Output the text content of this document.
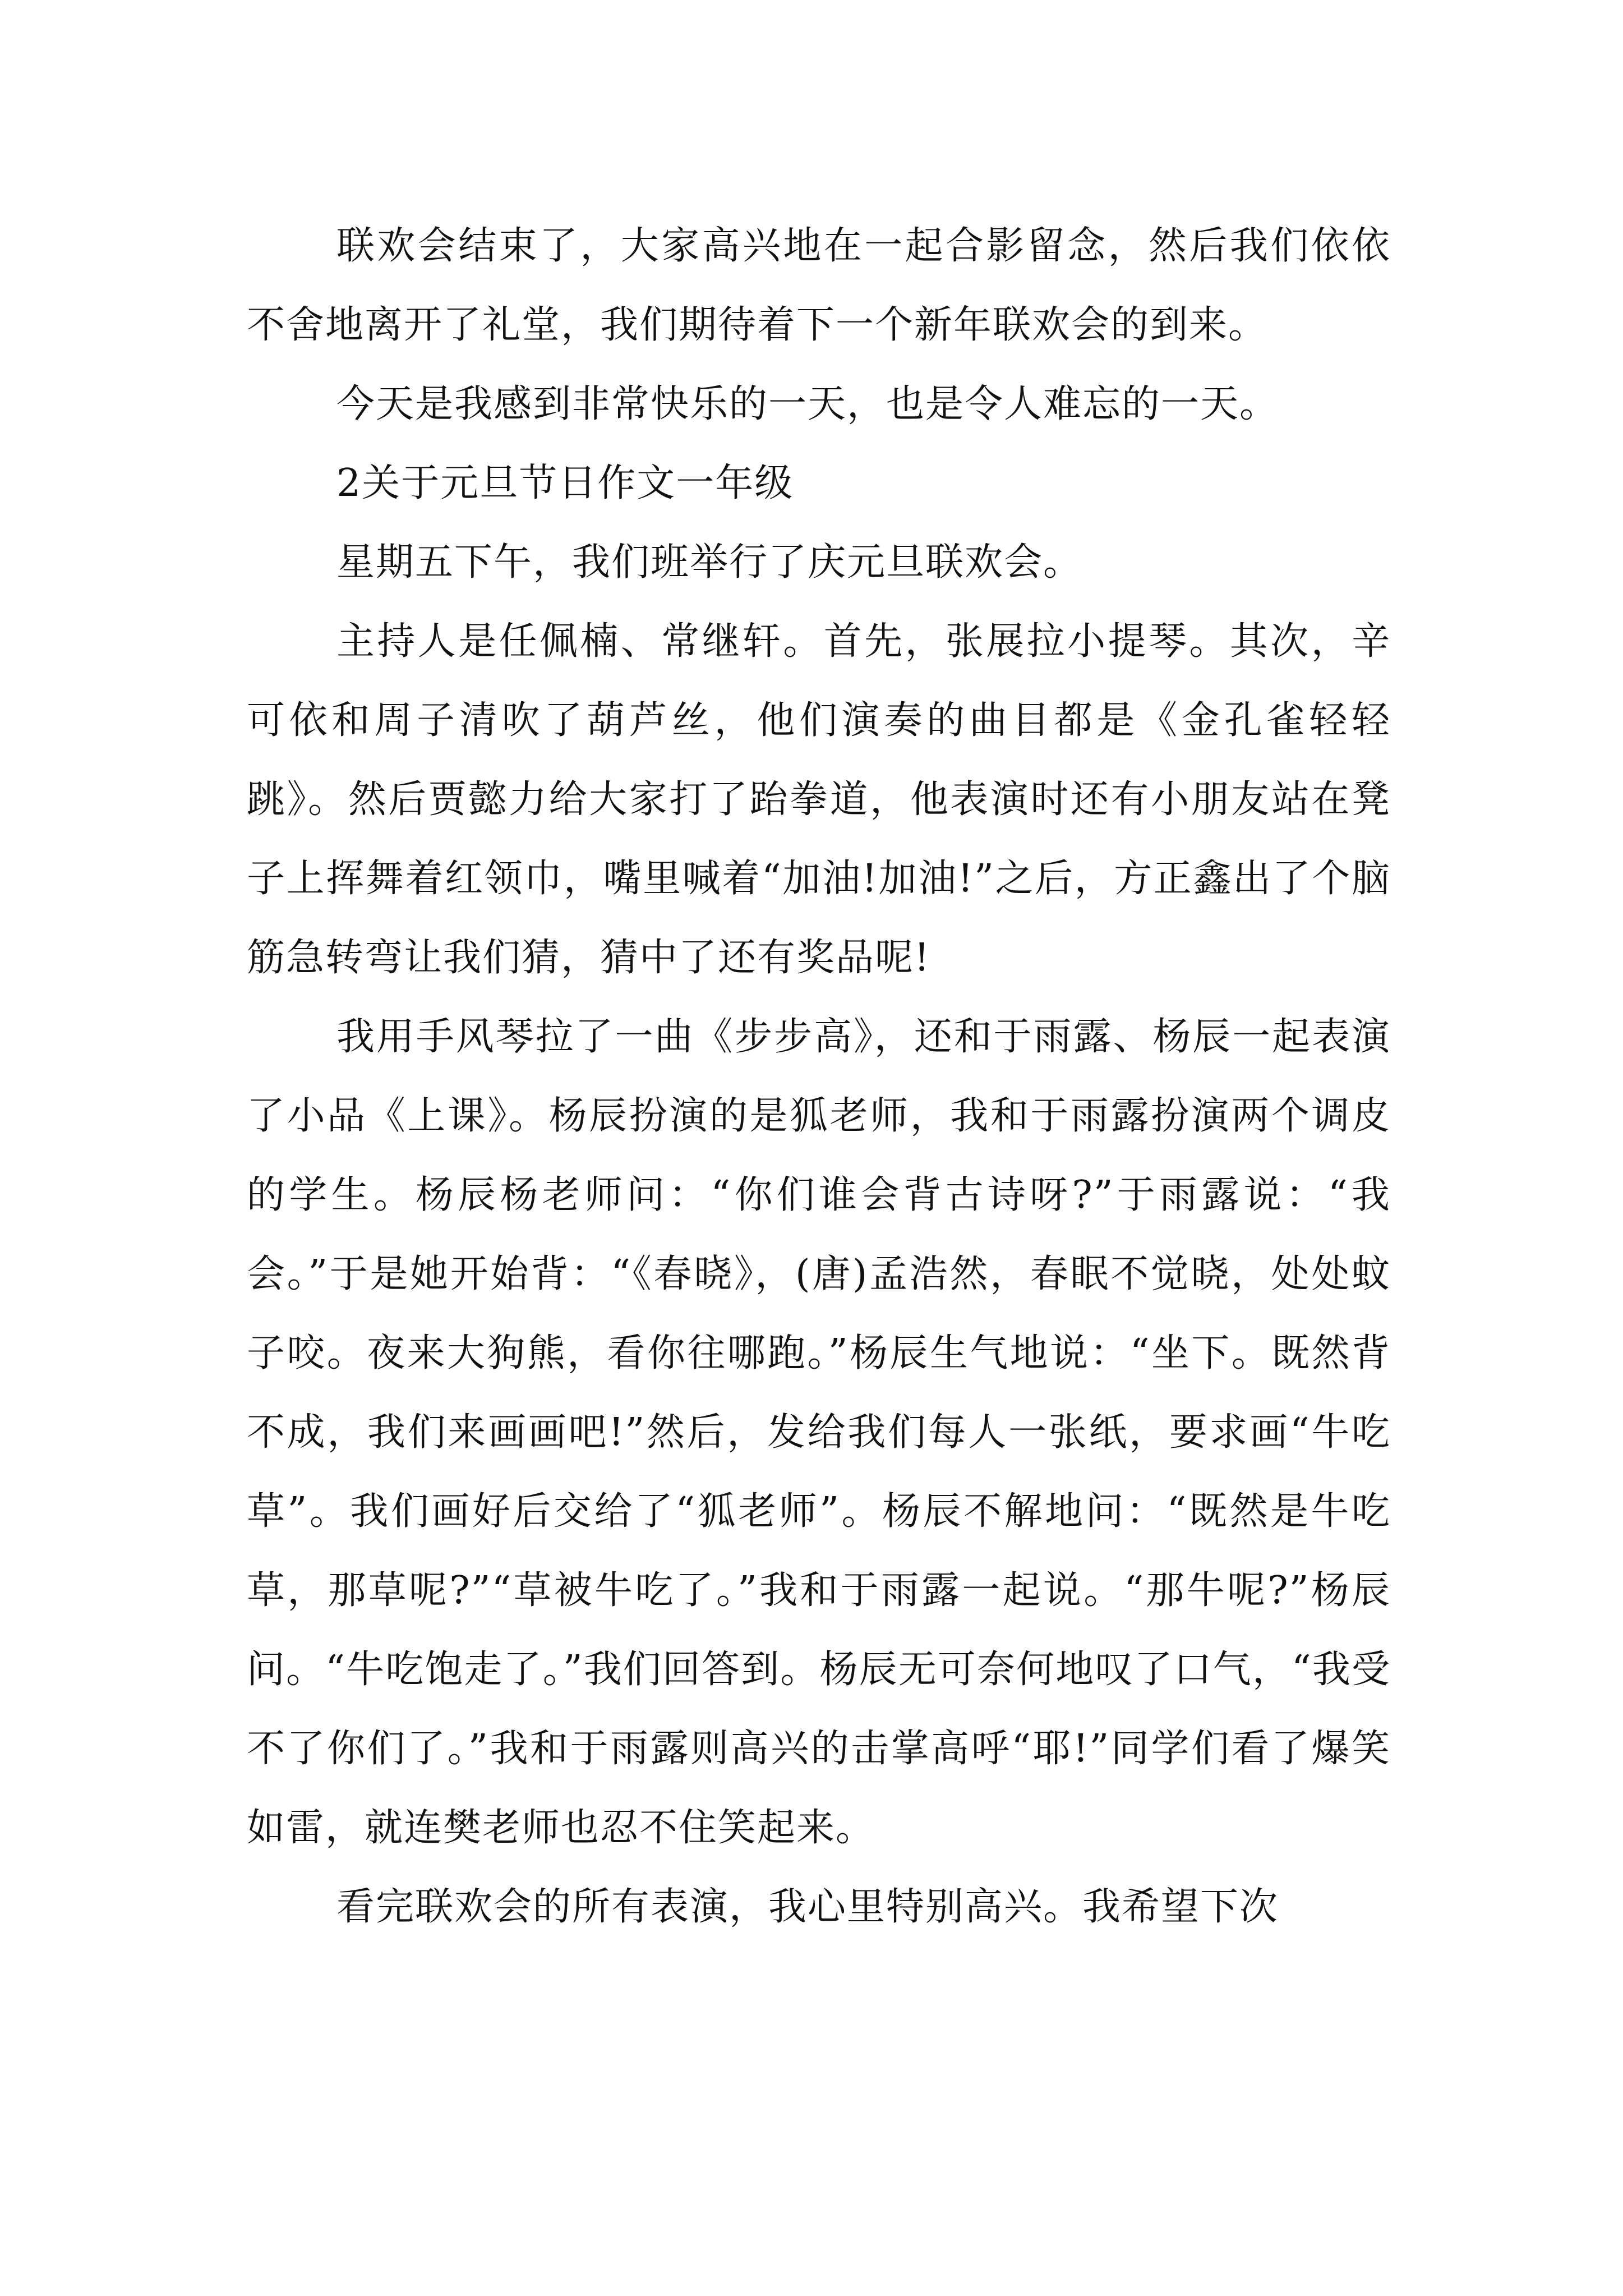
联欢会结束了，大家高兴地在一起合影留念，然后我们依依不舍地离开了礼堂，我们期待着下一个新年联欢会的到来。

今天是我感到非常快乐的一天，也是令人难忘的一天。

2关于元旦节日作文一年级

星期五下午，我们班举行了庆元旦联欢会。

主持人是任佩楠、常继轩。首先，张展拉小提琴。其次，辛可依和周子清吹了葫芦丝，他们演奏的曲目都是《金孔雀轻轻跳》。然后贾懿力给大家打了跆拳道，他表演时还有小朋友站在凳子上挥舞着红领巾，嘴里喊着“加油!加油!”之后，方正鑫出了个脑筋急转弯让我们猜，猜中了还有奖品呢!

我用手风琴拉了一曲《步步高》，还和于雨露、杨辰一起表演了小品《上课》。杨辰扮演的是狐老师，我和于雨露扮演两个调皮的学生。杨辰杨老师问：“你们谁会背古诗呀?”于雨露说：“我会。”于是她开始背：“《春晓》，(唐)孟浩然，春眠不觉晓，处处蚊子咬。夜来大狗熊，看你往哪跑。”杨辰生气地说：“坐下。既然背不成，我们来画画吧!”然后，发给我们每人一张纸，要求画“牛吃草”。我们画好后交给了“狐老师”。杨辰不解地问：“既然是牛吃草，那草呢?”“草被牛吃了。”我和于雨露一起说。“那牛呢?”杨辰问。“牛吃饱走了。”我们回答到。杨辰无可奈何地叹了口气，“我受不了你们了。”我和于雨露则高兴的击掌高呼“耶!”同学们看了爆笑如雷，就连樊老师也忍不住笑起来。

看完联欢会的所有表演，我心里特别高兴。我希望下次
